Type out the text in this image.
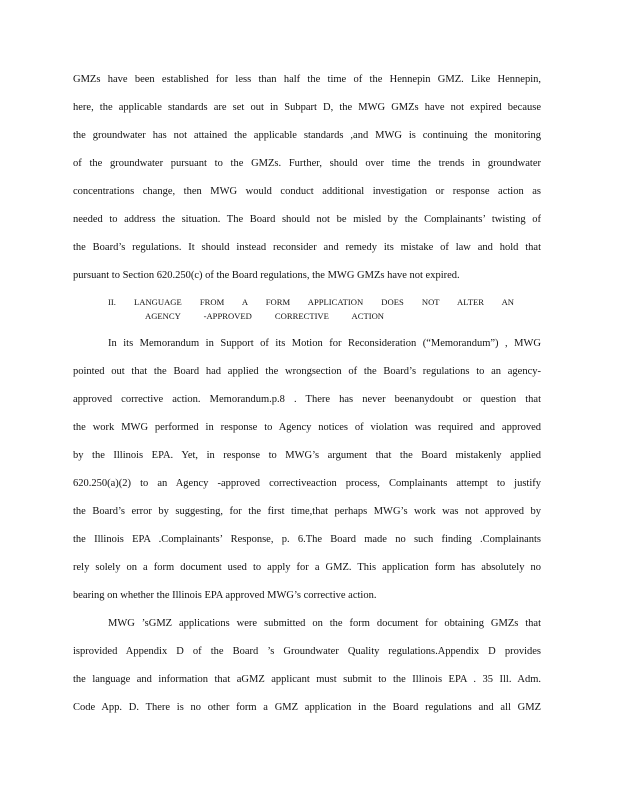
GMZs have been established for less than half the time of the Hennepin GMZ. Like Hennepin,
here, the applicable standards are set out in Subpart D, the MWG GMZs have not expired because
the groundwater has not attained the applicable standards ,and MWG is continuing the monitoring
of the groundwater pursuant to the GMZs. Further, should over time the trends in groundwater
concentrations change, then MWG would conduct additional investigation or response action as
needed to address the situation. The Board should not be misled by the Complainants’ twisting of
the Board’s regulations. It should instead reconsider and remedy its mistake of law and hold that
pursuant to Section 620.250(c) of the Board regulations, the MWG GMZs have not expired.
II. LANGUAGE FROM A FORM APPLICATION DOES NOT ALTER AN
AGENCY -APPROVED CORRECTIVE ACTION
In its Memorandum in Support of its Motion for Reconsideration (“Memorandum”) , MWG
pointed out that the Board had applied the wrongsection of the Board’s regulations to an agency-
approved corrective action. Memorandum.p.8 . There has never beenanydoubt or question that
the work MWG performed in response to Agency notices of violation was required and approved
by the Illinois EPA. Yet, in response to MWG’s argument that the Board mistakenly applied
620.250(a)(2) to an Agency -approved correctiveaction process, Complainants attempt to justify
the Board’s error by suggesting, for the first time,that perhaps MWG’s work was not approved by
the Illinois EPA .Complainants’ Response, p. 6.The Board made no such finding .Complainants
rely solely on a form document used to apply for a GMZ. This application form has absolutely no
bearing on whether the Illinois EPA approved MWG’s corrective action.
MWG ’sGMZ applications were submitted on the form document for obtaining GMZs that
isprovided Appendix D of the Board ’s Groundwater Quality regulations.Appendix D provides
the language and information that aGMZ applicant must submit to the Illinois EPA . 35 Ill. Adm.
Code App. D. There is no other form a GMZ application in the Board regulations and all GMZ
